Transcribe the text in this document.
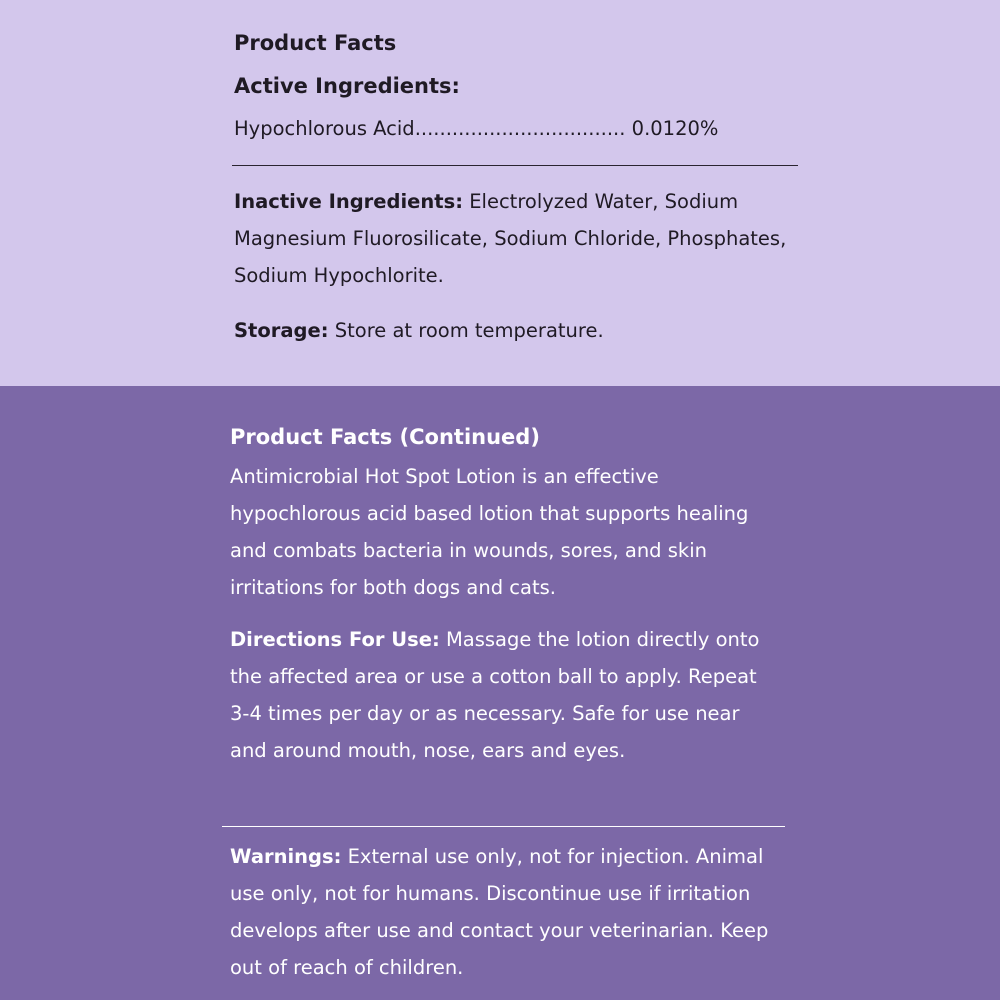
Product Facts
Active Ingredients:
Hypochlorous Acid.................................. 0.0120%

Inactive Ingredients: Electrolyzed Water, Sodium Magnesium Fluorosilicate, Sodium Chloride, Phosphates, Sodium Hypochlorite.

Storage: Store at room temperature.

Product Facts (Continued)

Antimicrobial Hot Spot Lotion is an effective hypochlorous acid based lotion that supports healing and combats bacteria in wounds, sores, and skin irritations for both dogs and cats.

Directions For Use: Massage the lotion directly onto the affected area or use a cotton ball to apply. Repeat 3-4 times per day or as necessary. Safe for use near and around mouth, nose, ears and eyes.

Warnings: External use only, not for injection. Animal use only, not for humans. Discontinue use if irritation develops after use and contact your veterinarian. Keep out of reach of children.
